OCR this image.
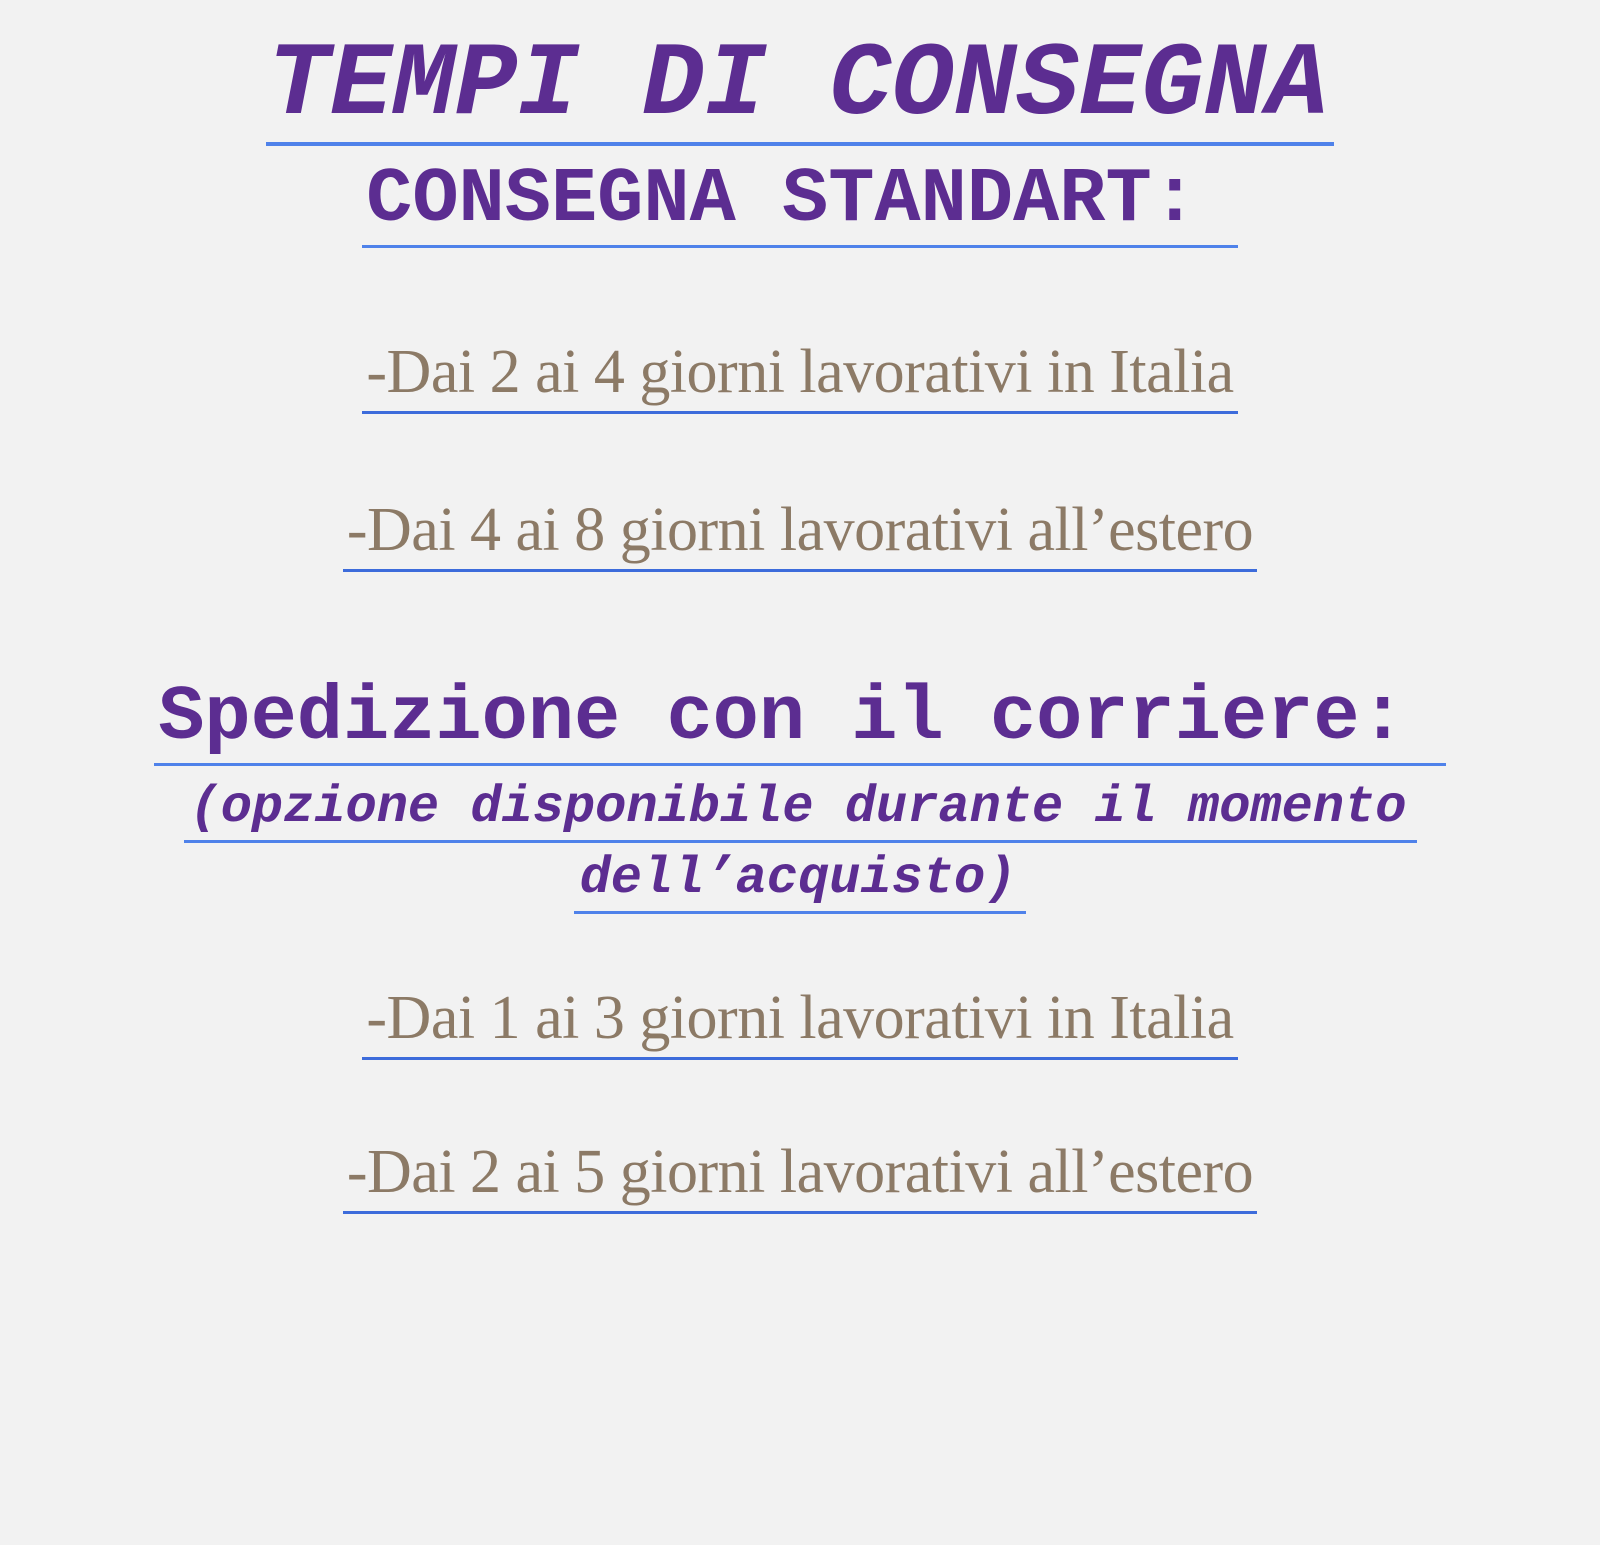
TEMPI DI CONSEGNA
CONSEGNA STANDART:

-Dai 2 ai 4 giorni lavorativi in Italia

-Dai 4 ai 8 giorni lavorativi all’estero

Spedizione con il corriere:
(opzione disponibile durante il momento
dell’acquisto)

-Dai 1 ai 3 giorni lavorativi in Italia

-Dai 2 ai 5 giorni lavorativi all’estero
